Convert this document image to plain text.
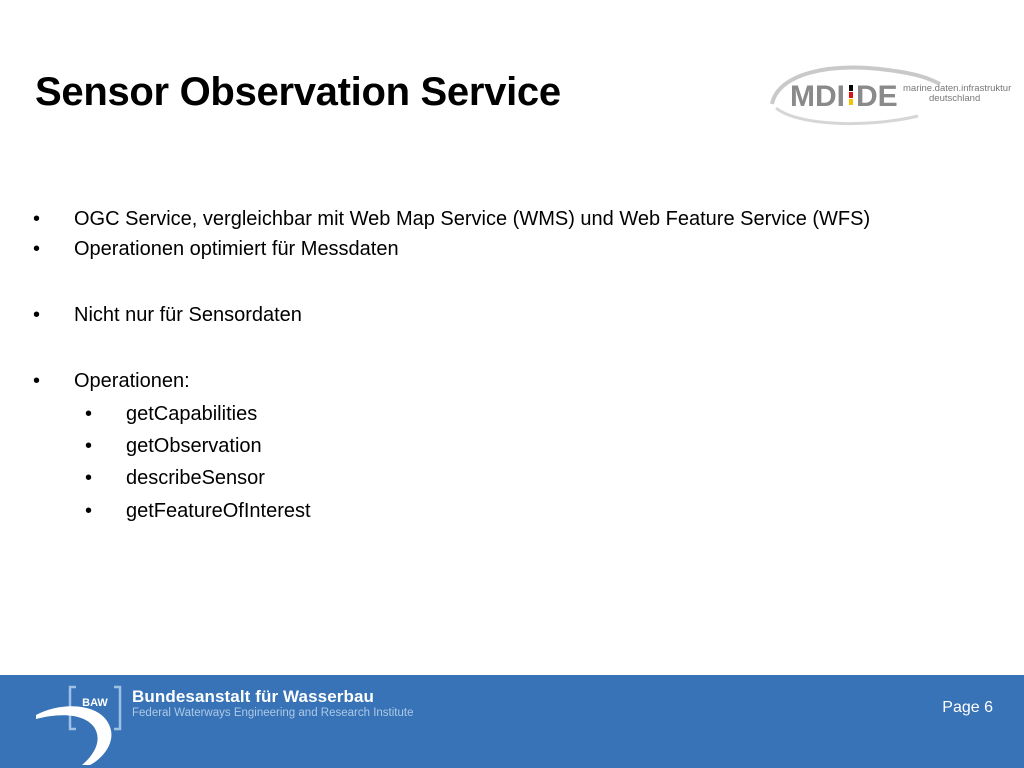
Sensor Observation Service	MDI DE marine.daten.infrastruktur
deutschland
• OGC Service, vergleichbar mit Web Map Service (WMS) und Web Feature Service (WFS)
• Operationen optimiert für Messdaten
• Nicht nur für Sensordaten
• Operationen:
• getCapabilities
• getObservation
• describeSensor
• getFeatureOfInterest
BAW Bundesanstalt für Wasserbau
Federal Waterways Engineering and Research Institute	Page 6
